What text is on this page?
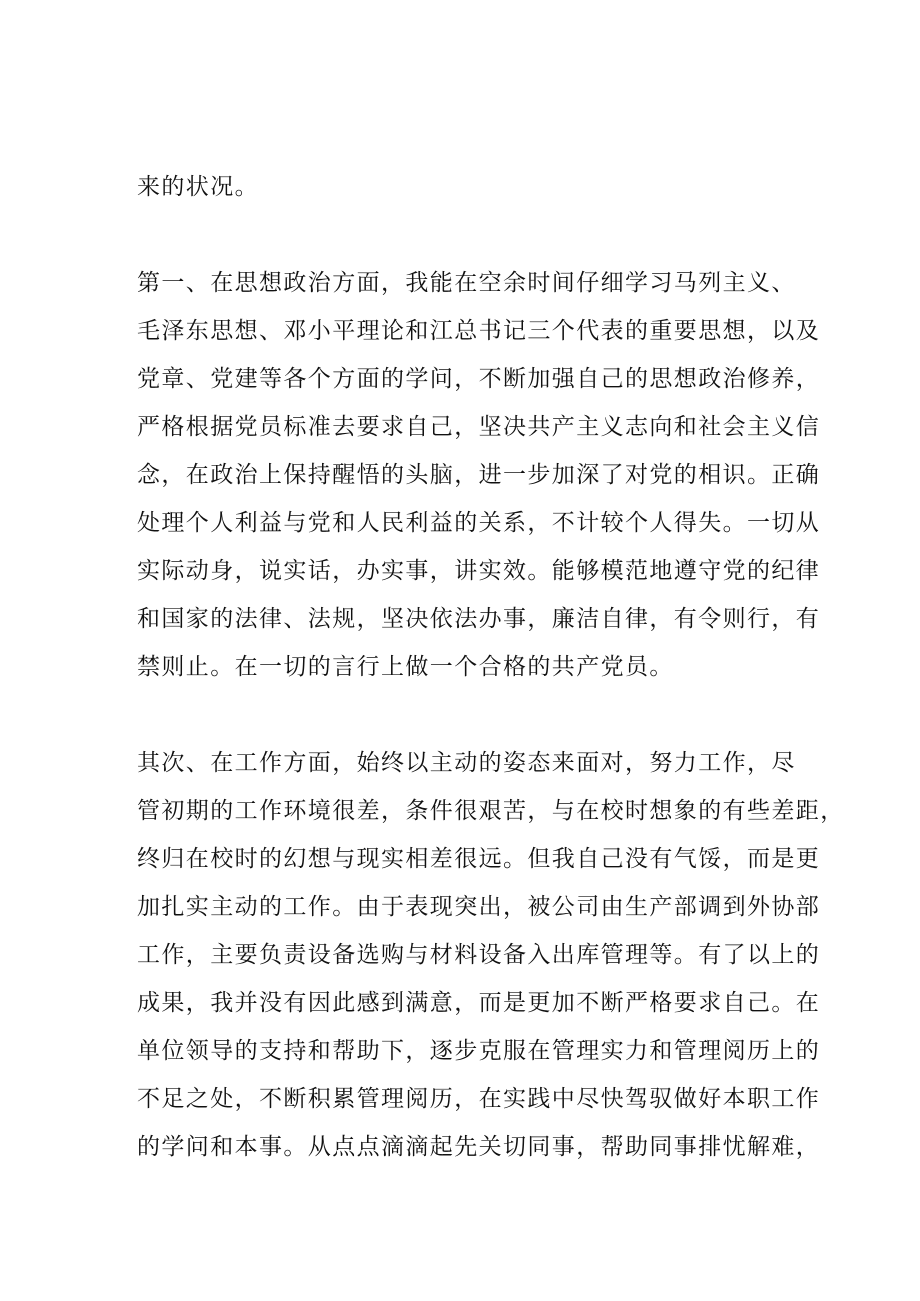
来的状况。
第一、在思想政治方面，我能在空余时间仔细学习马列主义、
毛泽东思想、邓小平理论和江总书记三个代表的重要思想，以及
党章、党建等各个方面的学问，不断加强自己的思想政治修养，
严格根据党员标准去要求自己，坚决共产主义志向和社会主义信
念，在政治上保持醒悟的头脑，进一步加深了对党的相识。正确
处理个人利益与党和人民利益的关系，不计较个人得失。一切从
实际动身，说实话，办实事，讲实效。能够模范地遵守党的纪律
和国家的法律、法规，坚决依法办事，廉洁自律，有令则行，有
禁则止。在一切的言行上做一个合格的共产党员。
其次、在工作方面，始终以主动的姿态来面对，努力工作，尽
管初期的工作环境很差，条件很艰苦，与在校时想象的有些差距，
终归在校时的幻想与现实相差很远。但我自己没有气馁，而是更
加扎实主动的工作。由于表现突出，被公司由生产部调到外协部
工作，主要负责设备选购与材料设备入出库管理等。有了以上的
成果，我并没有因此感到满意，而是更加不断严格要求自己。在
单位领导的支持和帮助下，逐步克服在管理实力和管理阅历上的
不足之处，不断积累管理阅历，在实践中尽快驾驭做好本职工作
的学问和本事。从点点滴滴起先关切同事，帮助同事排忧解难，
